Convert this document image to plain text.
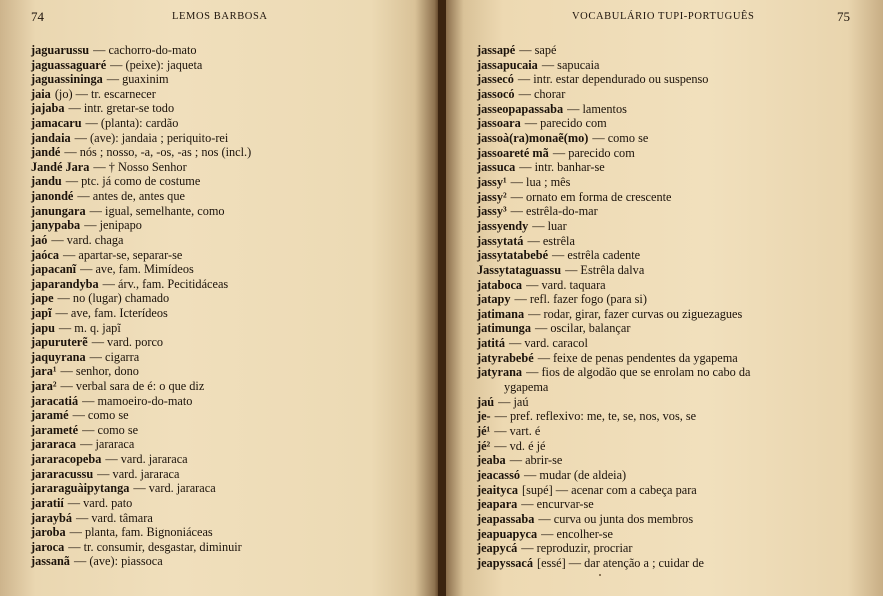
74	LEMOS BARBOSA
jaguarussu — cachorro-do-mato
jaguassaguaré — (peixe): jaqueta
jaguassininga — guaxinim
jaia (jo) — tr. escarnecer
jajaba — intr. gretar-se todo
jamacaru — (planta): cardão
jandaia — (ave): jandaia ; periquito-rei
jandé — nós ; nosso, -a, -os, -as ; nos (incl.)
Jandé Jara — † Nosso Senhor
jandu — ptc. já como de costume
janondé — antes de, antes que
janungara — igual, semelhante, como
janypaba — jenipapo
jaó — vard. chaga
jaóca — apartar-se, separar-se
japacanĩ — ave, fam. Mimídeos
japarandyba — árv., fam. Pecitidáceas
jape — no (lugar) chamado
japĩ — ave, fam. Icterídeos
japu — m. q. japĩ
japuruterẽ — vard. porco
jaquyrana — cigarra
jara¹ — senhor, dono
jara² — verbal sara de é: o que diz
jaracatiá — mamoeiro-do-mato
jaramé — como se
jarameté — como se
jararaca — jararaca
jararacopeba — vard. jararaca
jararacussu — vard. jararaca
jararaguàipytanga — vard. jararaca
jaratií — vard. pato
jaraybá — vard. tâmara
jaroba — planta, fam. Bignoniáceas
jaroca — tr. consumir, desgastar, diminuir
jassanã — (ave): piassoca
VOCABULÁRIO TUPI-PORTUGUÊS	75
jassapé — sapé
jassapucaia — sapucaia
jassecó — intr. estar dependurado ou suspenso
jassocó — chorar
jasseopapassaba — lamentos
jassoara — parecido com
jassoà(ra)monaẽ(mo) — como se
jassoareté mã — parecido com
jassuca — intr. banhar-se
jassy¹ — lua ; mês
jassy² — ornato em forma de crescente
jassy³ — estrêla-do-mar
jassyendy — luar
jassytatá — estrêla
jassytatabebé — estrêla cadente
Jassytataguassu — Estrêla dalva
jataboca — vard. taquara
jatapy — refl. fazer fogo (para si)
jatimana — rodar, girar, fazer curvas ou ziguezagues
jatimunga — oscilar, balançar
jatitá — vard. caracol
jatyrabebé — feixe de penas pendentes da ygapema
jatyrana — fios de algodão que se enrolam no cabo da
ygapema
jaú — jaú
je- — pref. reflexivo: me, te, se, nos, vos, se
jé¹ — vart. é
jé² — vd. é jé
jeaba — abrir-se
jeacassó — mudar (de aldeia)
jeaityca [supé] — acenar com a cabeça para
jeapara — encurvar-se
jeapassaba — curva ou junta dos membros
jeapuapyca — encolher-se
jeapycá — reproduzir, procriar
jeapyssacá [essé] — dar atenção a ; cuidar de
